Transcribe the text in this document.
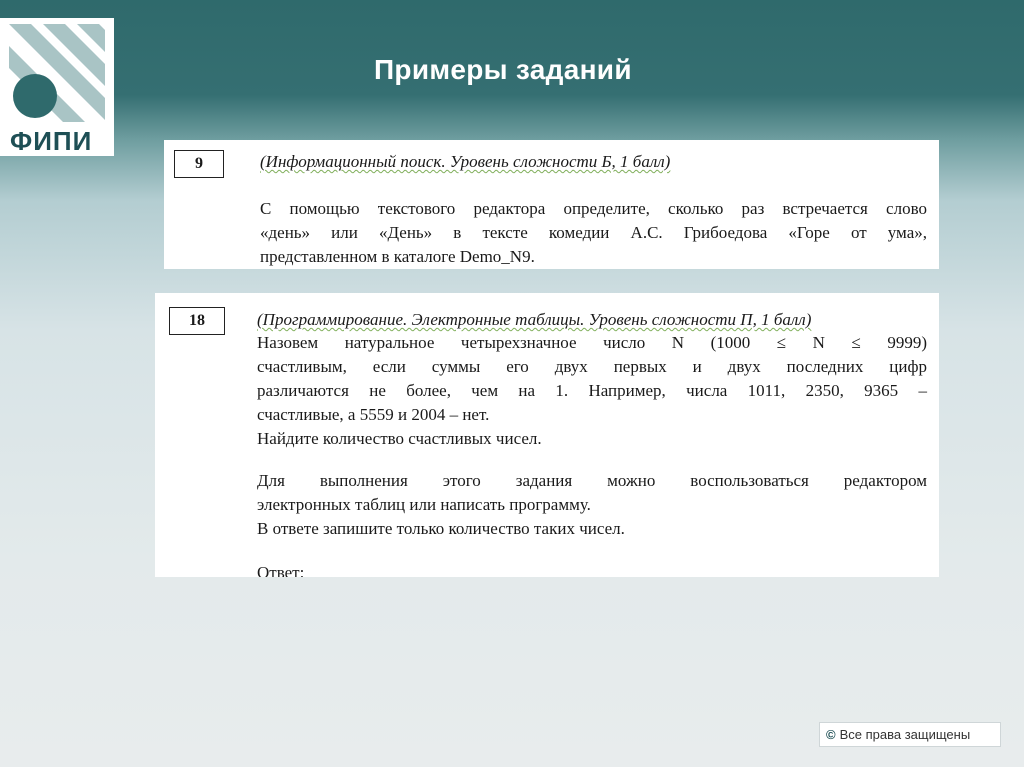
ФИПИ
Примеры заданий
9	(Информационный поиск. Уровень сложности Б, 1 балл)
С помощью текстового редактора определите, сколько раз встречается слово
«день» или «День» в тексте комедии А.С. Грибоедова «Горе от ума»,
представленном в каталоге Demo_N9.
18	(Программирование. Электронные таблицы. Уровень сложности П, 1 балл)
Назовем натуральное четырехзначное число N (1000 ≤ N ≤ 9999)
счастливым, если суммы его двух первых и двух последних цифр
различаются не более, чем на 1. Например, числа 1011, 2350, 9365 –
счастливые, а 5559 и 2004 – нет.
Найдите количество счастливых чисел.
Для выполнения этого задания можно воспользоваться редактором
электронных таблиц или написать программу.
В ответе запишите только количество таких чисел.
Ответ:
© Все права защищены
